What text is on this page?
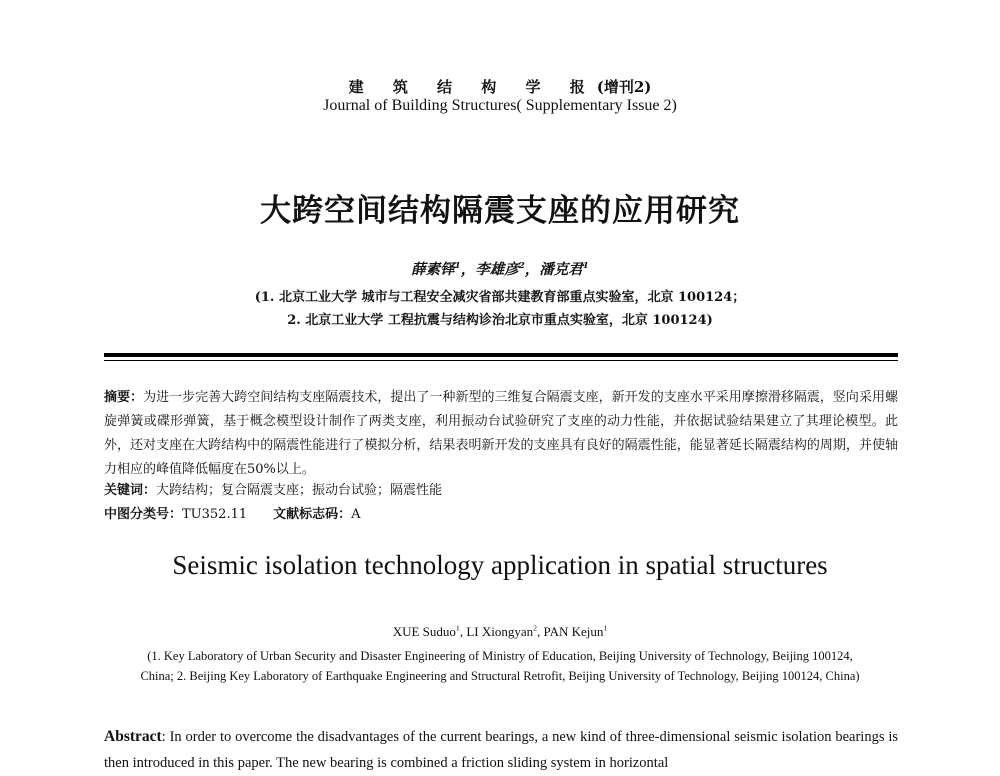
建 筑 结 构 学 报(增刊2)
Journal of Building Structures( Supplementary Issue 2)
大跨空间结构隔震支座的应用研究
薛素铎$^1$，李雄彦$^2$，潘克君$^1$
(1. 北京工业大学 城市与工程安全减灾省部共建教育部重点实验室，北京 100124；
2. 北京工业大学 工程抗震与结构诊治北京市重点实验室，北京 100124)
摘要：为进一步完善大跨空间结构支座隔震技术，提出了一种新型的三维复合隔震支座，新开发的支座水平采用摩擦滑移隔震，竖向采用螺旋弹簧或碟形弹簧，基于概念模型设计制作了两类支座，利用振动台试验研究了支座的动力性能，并依据试验结果建立了其理论模型。此外，还对支座在大跨结构中的隔震性能进行了模拟分析，结果表明新开发的支座具有良好的隔震性能，能显著延长隔震结构的周期，并使轴力相应的峰值降低幅度在50%以上。
关键词：大跨结构；复合隔震支座；振动台试验；隔震性能
中图分类号：TU352.11 文献标志码：A
Seismic isolation technology application in spatial structures
XUE Suduo$^1$, LI Xiongyan$^2$, PAN Kejun$^1$
(1. Key Laboratory of Urban Security and Disaster Engineering of Ministry of Education, Beijing University of Technology, Beijing 100124, China; 2. Beijing Key Laboratory of Earthquake Engineering and Structural Retrofit, Beijing University of Technology, Beijing 100124, China)
Abstract: In order to overcome the disadvantages of the current bearings, a new kind of three-dimensional seismic isolation bearings is then introduced in this paper. The new bearing is combined a friction sliding system in horizontal
